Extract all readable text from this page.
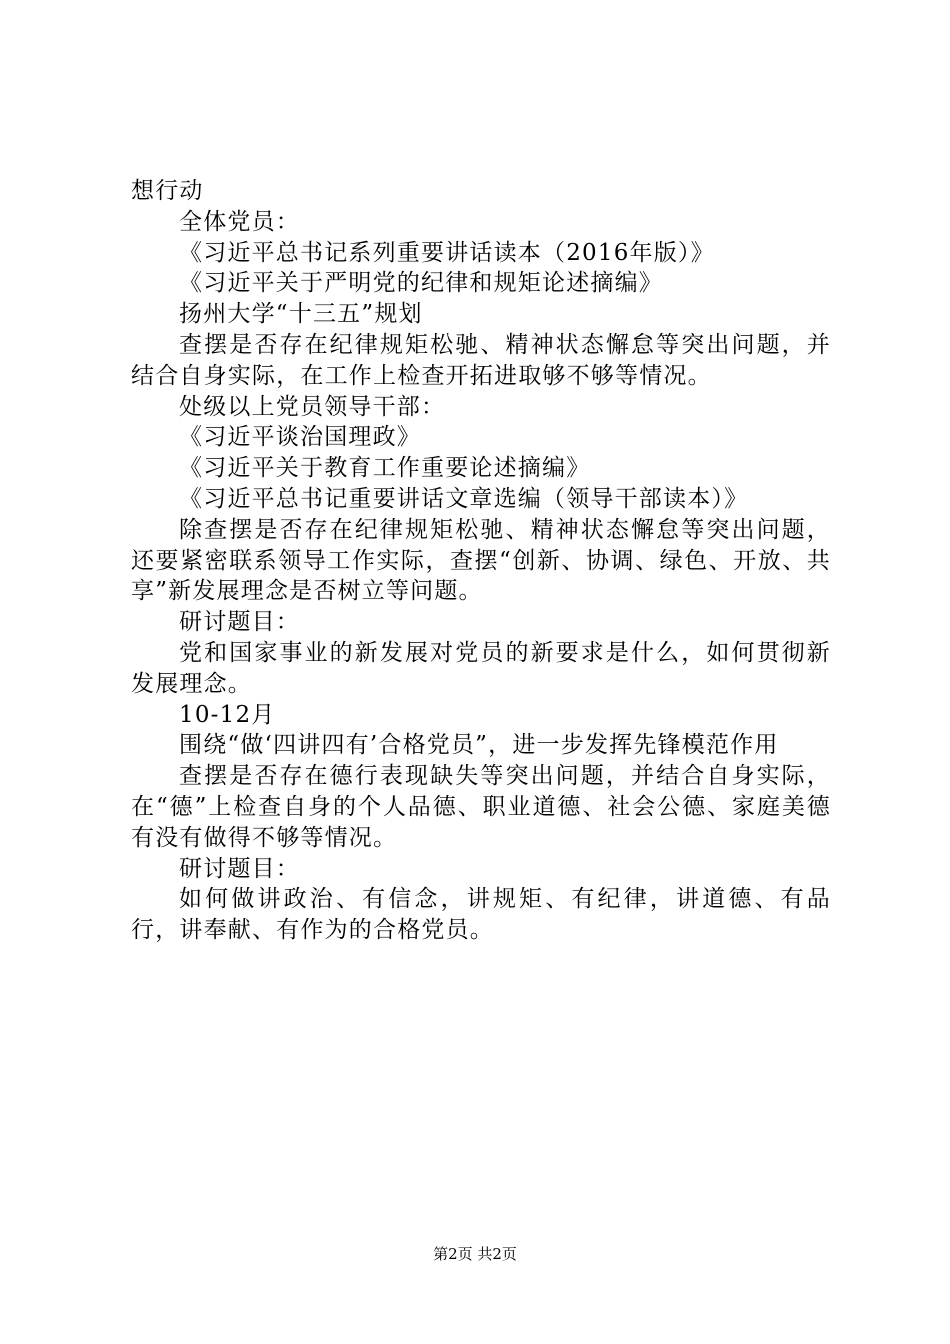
想行动

全体党员：

《习近平总书记系列重要讲话读本（2016年版）》

《习近平关于严明党的纪律和规矩论述摘编》

扬州大学“十三五”规划

查摆是否存在纪律规矩松驰、精神状态懈怠等突出问题，并结合自身实际，在工作上检查开拓进取够不够等情况。

处级以上党员领导干部：

《习近平谈治国理政》

《习近平关于教育工作重要论述摘编》

《习近平总书记重要讲话文章选编（领导干部读本）》

除查摆是否存在纪律规矩松驰、精神状态懈怠等突出问题，还要紧密联系领导工作实际，查摆“创新、协调、绿色、开放、共享”新发展理念是否树立等问题。

研讨题目：

党和国家事业的新发展对党员的新要求是什么，如何贯彻新发展理念。

10-12月

围绕“做‘四讲四有’合格党员”，进一步发挥先锋模范作用

查摆是否存在德行表现缺失等突出问题，并结合自身实际，在“德”上检查自身的个人品德、职业道德、社会公德、家庭美德有没有做得不够等情况。

研讨题目：

如何做讲政治、有信念，讲规矩、有纪律，讲道德、有品行，讲奉献、有作为的合格党员。

第2页 共2页
